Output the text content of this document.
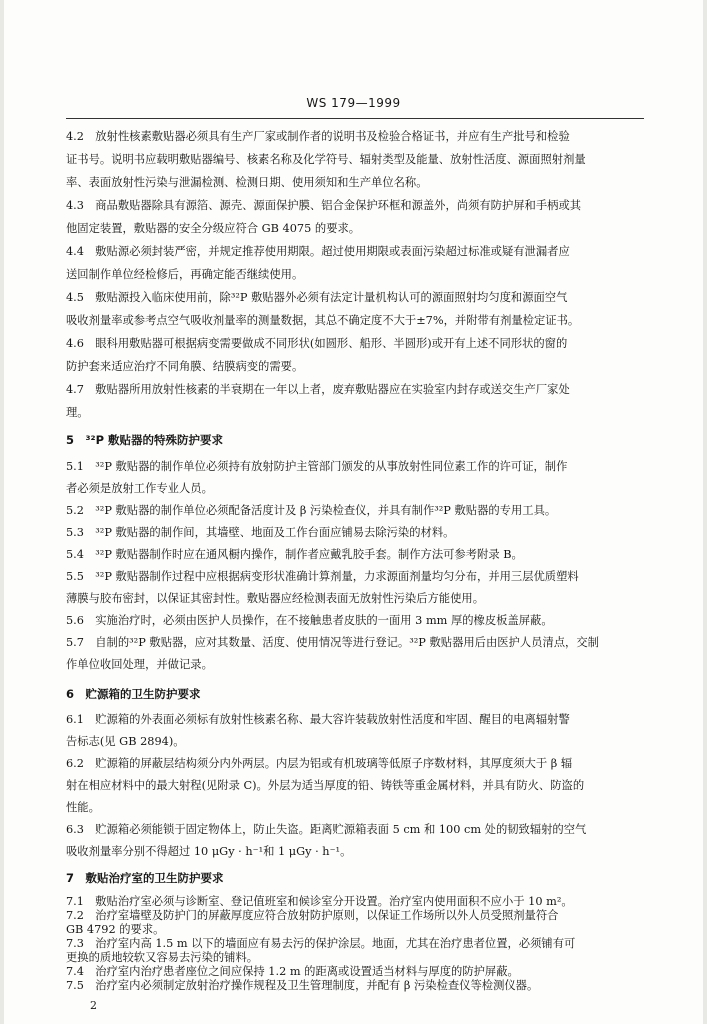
WS 179—1999
4.2　放射性核素敷贴器必须具有生产厂家或制作者的说明书及检验合格证书，并应有生产批号和检验
证书号。说明书应载明敷贴器编号、核素名称及化学符号、辐射类型及能量、放射性活度、源面照射剂量
率、表面放射性污染与泄漏检测、检测日期、使用须知和生产单位名称。
4.3　商品敷贴器除具有源箔、源壳、源面保护膜、铝合金保护环框和源盖外，尚须有防护屏和手柄或其
他固定装置，敷贴器的安全分级应符合 GB 4075 的要求。
4.4　敷贴源必须封装严密，并规定推荐使用期限。超过使用期限或表面污染超过标准或疑有泄漏者应
送回制作单位经检修后，再确定能否继续使用。
4.5　敷贴源投入临床使用前，除³²P 敷贴器外必须有法定计量机构认可的源面照射均匀度和源面空气
吸收剂量率或参考点空气吸收剂量率的测量数据，其总不确定度不大于±7%，并附带有剂量检定证书。
4.6　眼科用敷贴器可根据病变需要做成不同形状(如圆形、船形、半圆形)或开有上述不同形状的窗的
防护套来适应治疗不同角膜、结膜病变的需要。
4.7　敷贴器所用放射性核素的半衰期在一年以上者，废弃敷贴器应在实验室内封存或送交生产厂家处
理。
5　³²P 敷贴器的特殊防护要求
5.1　³²P 敷贴器的制作单位必须持有放射防护主管部门颁发的从事放射性同位素工作的许可证，制作
者必须是放射工作专业人员。
5.2　³²P 敷贴器的制作单位必须配备活度计及 β 污染检查仪，并具有制作³²P 敷贴器的专用工具。
5.3　³²P 敷贴器的制作间，其墙壁、地面及工作台面应铺易去除污染的材料。
5.4　³²P 敷贴器制作时应在通风橱内操作，制作者应戴乳胶手套。制作方法可参考附录 B。
5.5　³²P 敷贴器制作过程中应根据病变形状准确计算剂量，力求源面剂量均匀分布，并用三层优质塑料
薄膜与胶布密封，以保证其密封性。敷贴器应经检测表面无放射性污染后方能使用。
5.6　实施治疗时，必须由医护人员操作，在不接触患者皮肤的一面用 3 mm 厚的橡皮板盖屏蔽。
5.7　自制的³²P 敷贴器，应对其数量、活度、使用情况等进行登记。³²P 敷贴器用后由医护人员清点，交制
作单位收回处理，并做记录。
6　贮源箱的卫生防护要求
6.1　贮源箱的外表面必须标有放射性核素名称、最大容许装载放射性活度和牢固、醒目的电离辐射警
告标志(见 GB 2894)。
6.2　贮源箱的屏蔽层结构须分内外两层。内层为铝或有机玻璃等低原子序数材料，其厚度须大于 β 辐
射在相应材料中的最大射程(见附录 C)。外层为适当厚度的铅、铸铁等重金属材料，并具有防火、防盗的
性能。
6.3　贮源箱必须能锁于固定物体上，防止失盗。距离贮源箱表面 5 cm 和 100 cm 处的韧致辐射的空气
吸收剂量率分别不得超过 10 μGy · h⁻¹和 1 μGy · h⁻¹。
7　敷贴治疗室的卫生防护要求
7.1　敷贴治疗室必须与诊断室、登记值班室和候诊室分开设置。治疗室内使用面积不应小于 10 m²。
7.2　治疗室墙壁及防护门的屏蔽厚度应符合放射防护原则，以保证工作场所以外人员受照剂量符合
GB 4792 的要求。
7.3　治疗室内高 1.5 m 以下的墙面应有易去污的保护涂层。地面，尤其在治疗患者位置，必须铺有可
更换的质地较软又容易去污染的铺料。
7.4　治疗室内治疗患者座位之间应保持 1.2 m 的距离或设置适当材料与厚度的防护屏蔽。
7.5　治疗室内必须制定放射治疗操作规程及卫生管理制度，并配有 β 污染检查仪等检测仪器。
2
